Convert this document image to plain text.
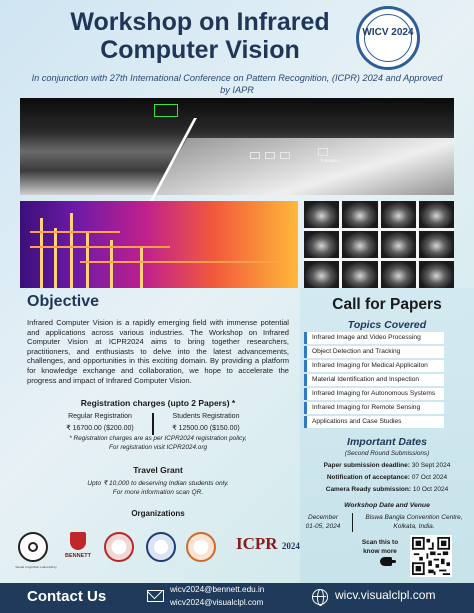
Workshop on Infrared Computer Vision
WICV 2024
In conjunction with 27th International Conference on Pattern Recognition, (ICPR) 2024 and Approved by IAPR
Trespass
Objective
Infrared Computer Vision is a rapidly emerging field with immense potential and applications across various industries. The Workshop on Infrared Computer Vision at ICPR2024 aims to bring together researchers, practitioners, and enthusiasts to delve into the latest advancements, challenges, and opportunities in this exciting domain. By providing a platform for knowledge exchange and collaboration, we hope to accelerate the progress and impact of Infrared Computer Vision.
Registration charges (upto 2 Papers) *
Regular Registration
₹ 16700.00 ($200.00)
Students Registration
₹ 12500.00 ($150.00)
* Registration charges are as per ICPR2024 registration policy,
For registration visit ICPR2024.org
Travel Grant
Upto ₹ 10,000 to deserving Indian students only.
For more information scan QR.
Organizations
Visual Cognition Laboratory
BENNETT
ICPR 2024
Call for Papers
Topics Covered
Infrared Image and Video Processing
Object Detection and Tracking
Infrared Imaging for Medical Applicaiton
Material Identification and Inspection
Infrared Imaging for Autonomous Systems
Infrared Imaging for Remote Sensing
Applications and Case Studies
Important Dates
(Second Round Submissions)
Paper submission deadline: 30 Sept 2024
Notification of acceptance: 07 Oct 2024
Camera Ready submission: 10 Oct 2024
Workshop Date and Venue
December
01-05, 2024
Biswa Bangla Convention Centre,
Kolkata, India.
Scan this to
know more
Contact Us	wicv2024@bennett.edu.in
wicv2024@visualclpl.com
wicv.visualclpl.com
